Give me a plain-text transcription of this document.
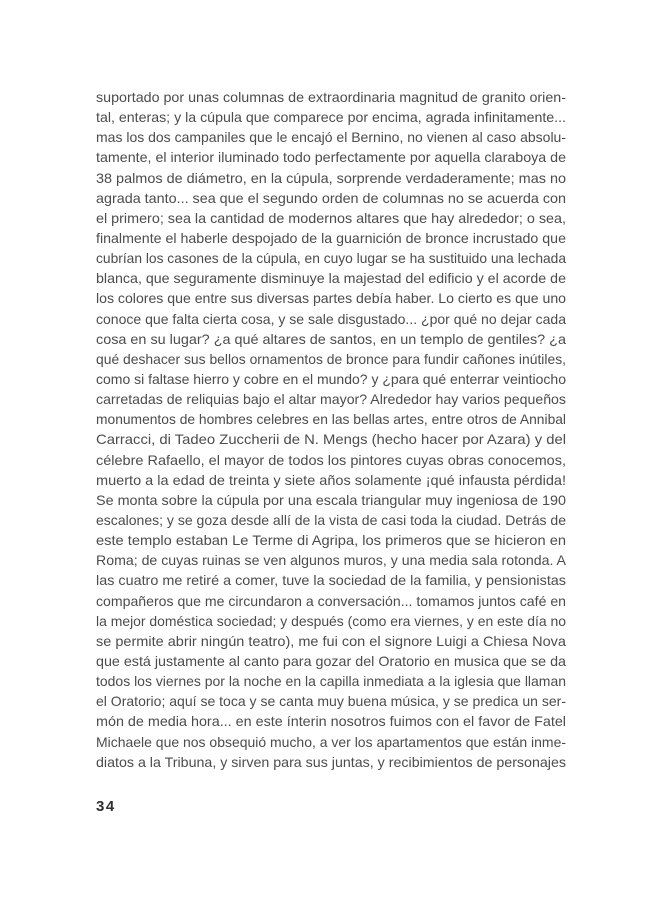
suportado por unas columnas de extraordinaria magnitud de granito orien-
tal, enteras; y la cúpula que comparece por encima, agrada infinitamente...
mas los dos campaniles que le encajó el Bernino, no vienen al caso absolu-
tamente, el interior iluminado todo perfectamente por aquella claraboya de
38 palmos de diámetro, en la cúpula, sorprende verdaderamente; mas no
agrada tanto... sea que el segundo orden de columnas no se acuerda con
el primero; sea la cantidad de modernos altares que hay alrededor; o sea,
finalmente el haberle despojado de la guarnición de bronce incrustado que
cubrían los casones de la cúpula, en cuyo lugar se ha sustituido una lechada
blanca, que seguramente disminuye la majestad del edificio y el acorde de
los colores que entre sus diversas partes debía haber. Lo cierto es que uno
conoce que falta cierta cosa, y se sale disgustado... ¿por qué no dejar cada
cosa en su lugar? ¿a qué altares de santos, en un templo de gentiles? ¿a
qué deshacer sus bellos ornamentos de bronce para fundir cañones inútiles,
como si faltase hierro y cobre en el mundo? y ¿para qué enterrar veintiocho
carretadas de reliquias bajo el altar mayor? Alrededor hay varios pequeños
monumentos de hombres celebres en las bellas artes, entre otros de Annibal
Carracci, di Tadeo Zuccherii de N. Mengs (hecho hacer por Azara) y del
célebre Rafaello, el mayor de todos los pintores cuyas obras conocemos,
muerto a la edad de treinta y siete años solamente ¡qué infausta pérdida!
Se monta sobre la cúpula por una escala triangular muy ingeniosa de 190
escalones; y se goza desde allí de la vista de casi toda la ciudad. Detrás de
este templo estaban Le Terme di Agripa, los primeros que se hicieron en
Roma; de cuyas ruinas se ven algunos muros, y una media sala rotonda. A
las cuatro me retiré a comer, tuve la sociedad de la familia, y pensionistas
compañeros que me circundaron a conversación... tomamos juntos café en
la mejor doméstica sociedad; y después (como era viernes, y en este día no
se permite abrir ningún teatro), me fui con el signore Luigi a Chiesa Nova
que está justamente al canto para gozar del Oratorio en musica que se da
todos los viernes por la noche en la capilla inmediata a la iglesia que llaman
el Oratorio; aquí se toca y se canta muy buena música, y se predica un ser-
món de media hora... en este ínterin nosotros fuimos con el favor de Fatel
Michaele que nos obsequió mucho, a ver los apartamentos que están inme-
diatos a la Tribuna, y sirven para sus juntas, y recibimientos de personajes
34
